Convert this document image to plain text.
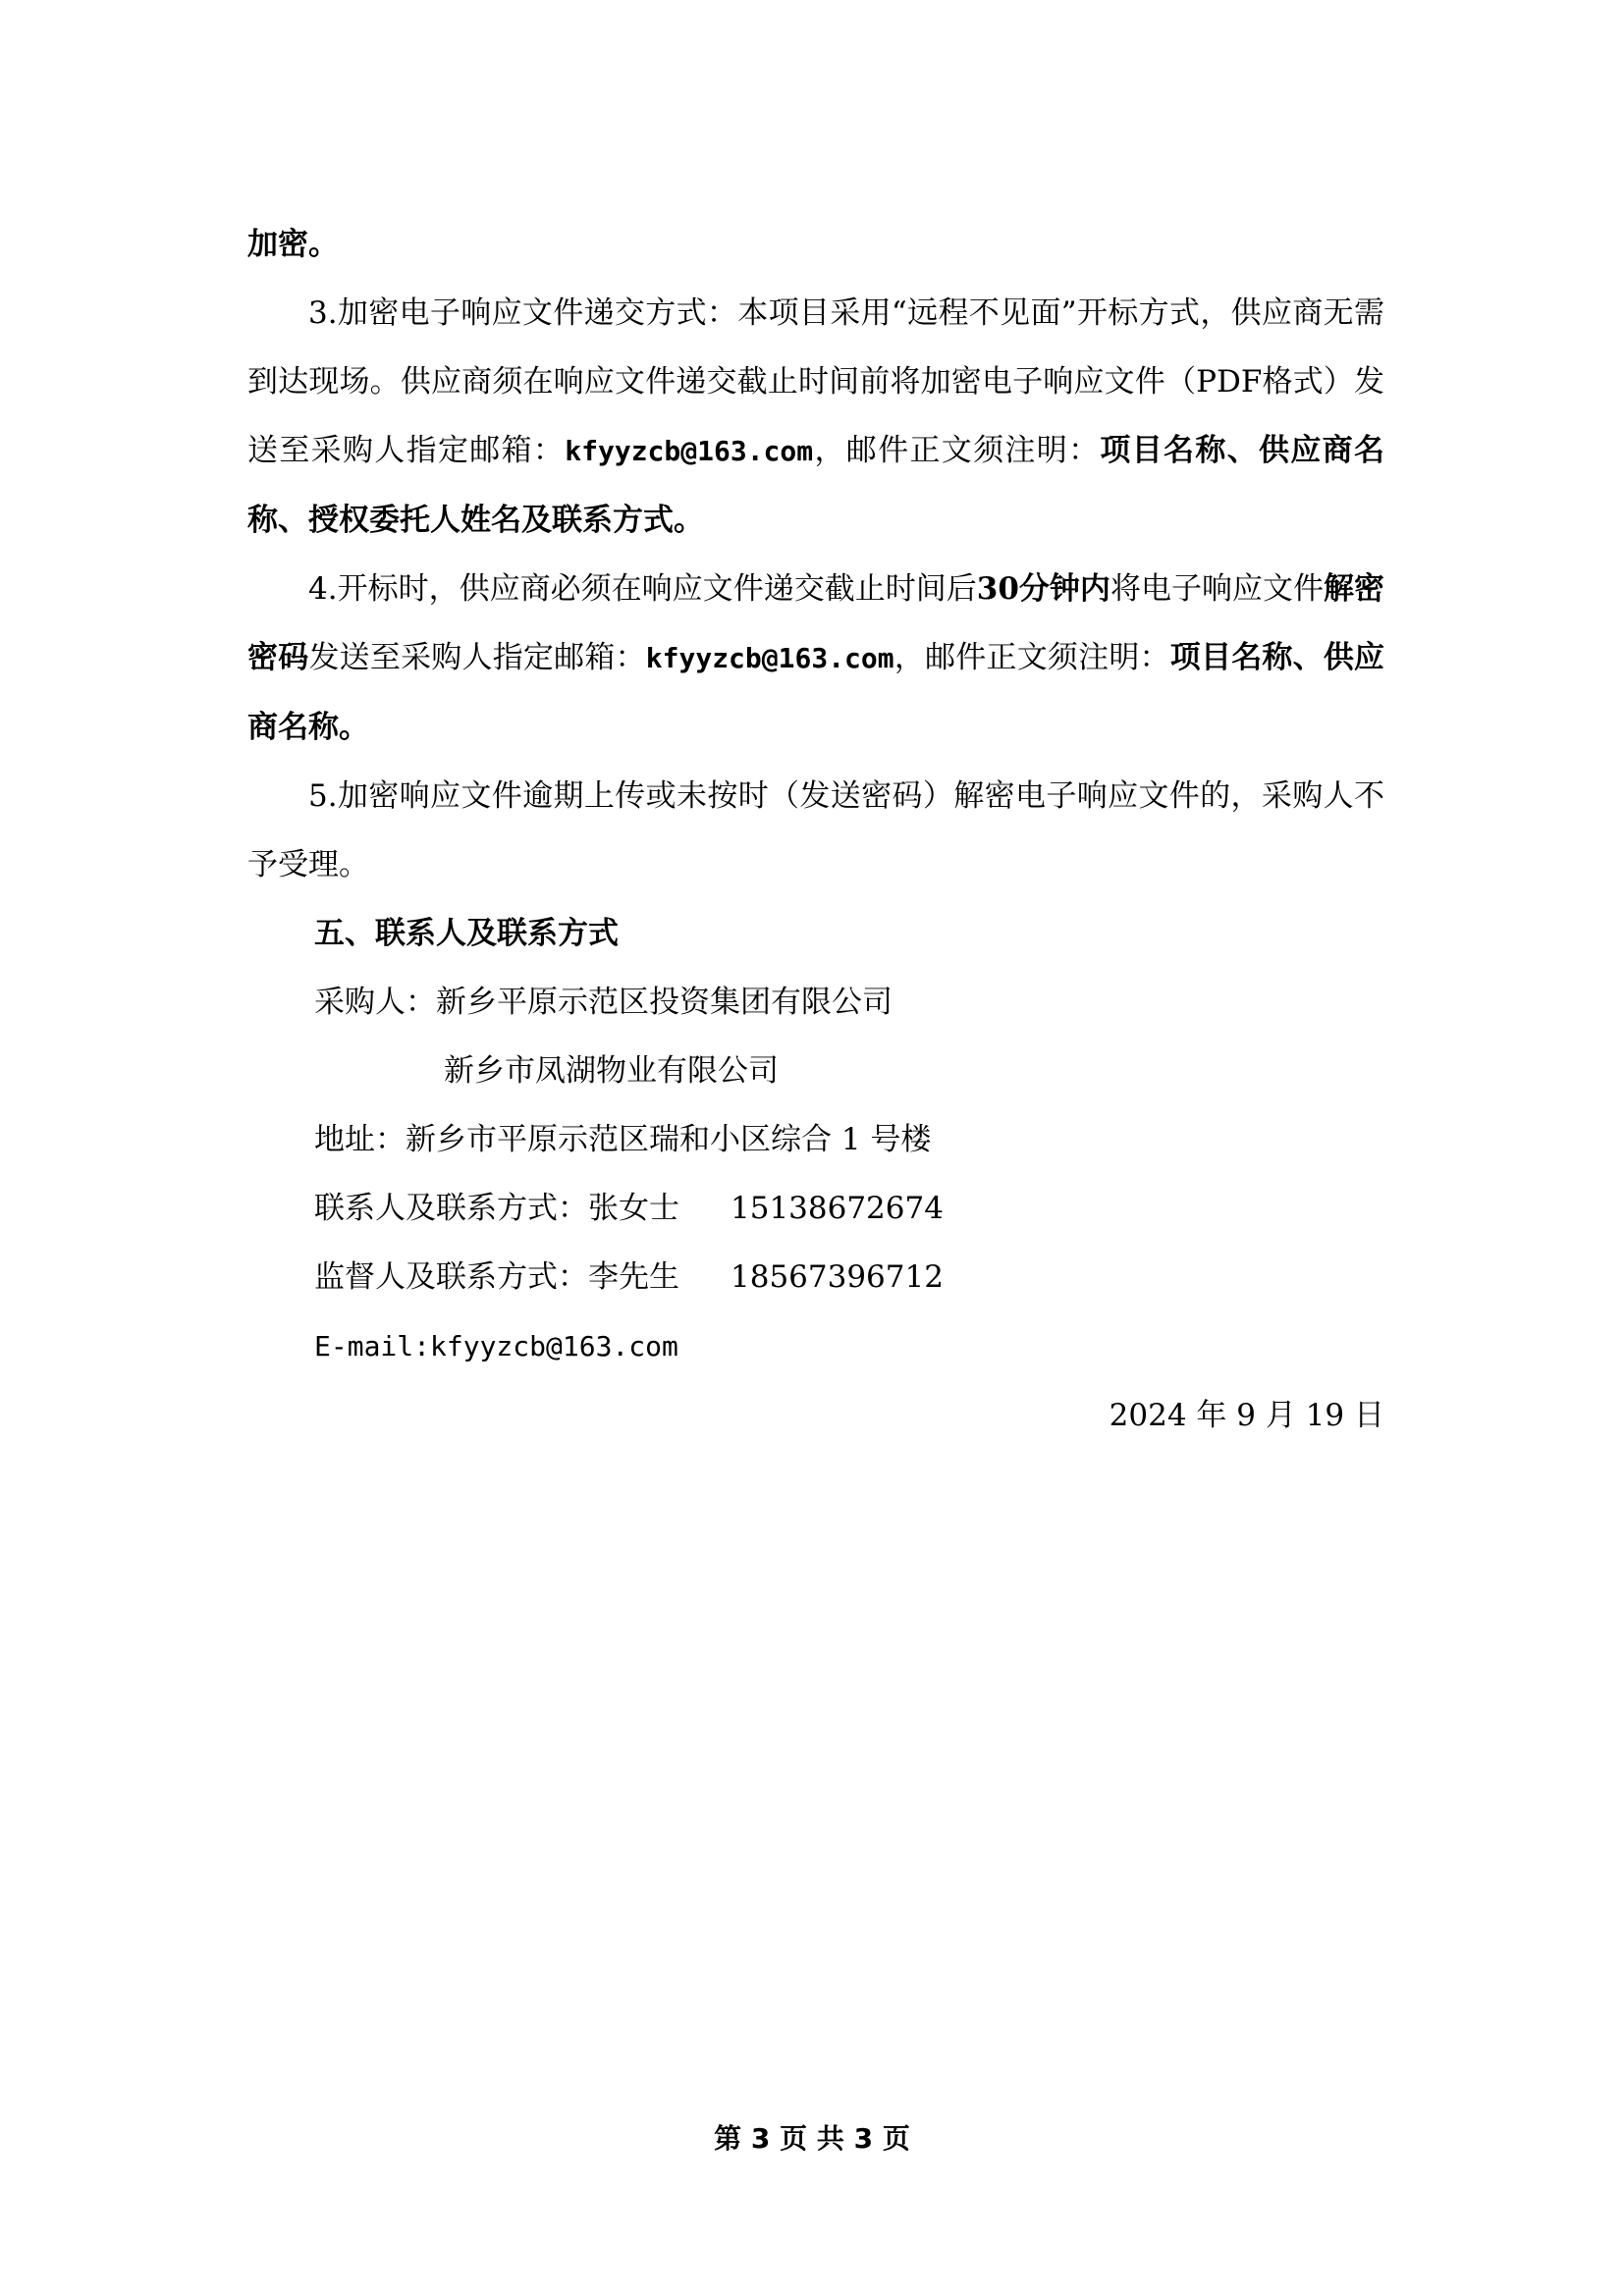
加密。

3.加密电子响应文件递交方式：本项目采用“远程不见面”开标方式，供应商无需到达现场。供应商须在响应文件递交截止时间前将加密电子响应文件（PDF格式）发送至采购人指定邮箱：kfyyzcb@163.com，邮件正文须注明：项目名称、供应商名称、授权委托人姓名及联系方式。

4.开标时，供应商必须在响应文件递交截止时间后30分钟内将电子响应文件解密密码发送至采购人指定邮箱：kfyyzcb@163.com，邮件正文须注明：项目名称、供应商名称。

5.加密响应文件逾期上传或未按时（发送密码）解密电子响应文件的，采购人不予受理。

五、联系人及联系方式

采购人：新乡平原示范区投资集团有限公司

新乡市凤湖物业有限公司

地址：新乡市平原示范区瑞和小区综合 1 号楼

联系人及联系方式：张女士 15138672674

监督人及联系方式：李先生 18567396712

E-mail:kfyyzcb@163.com

2024 年 9 月 19 日

第 3 页 共 3 页
